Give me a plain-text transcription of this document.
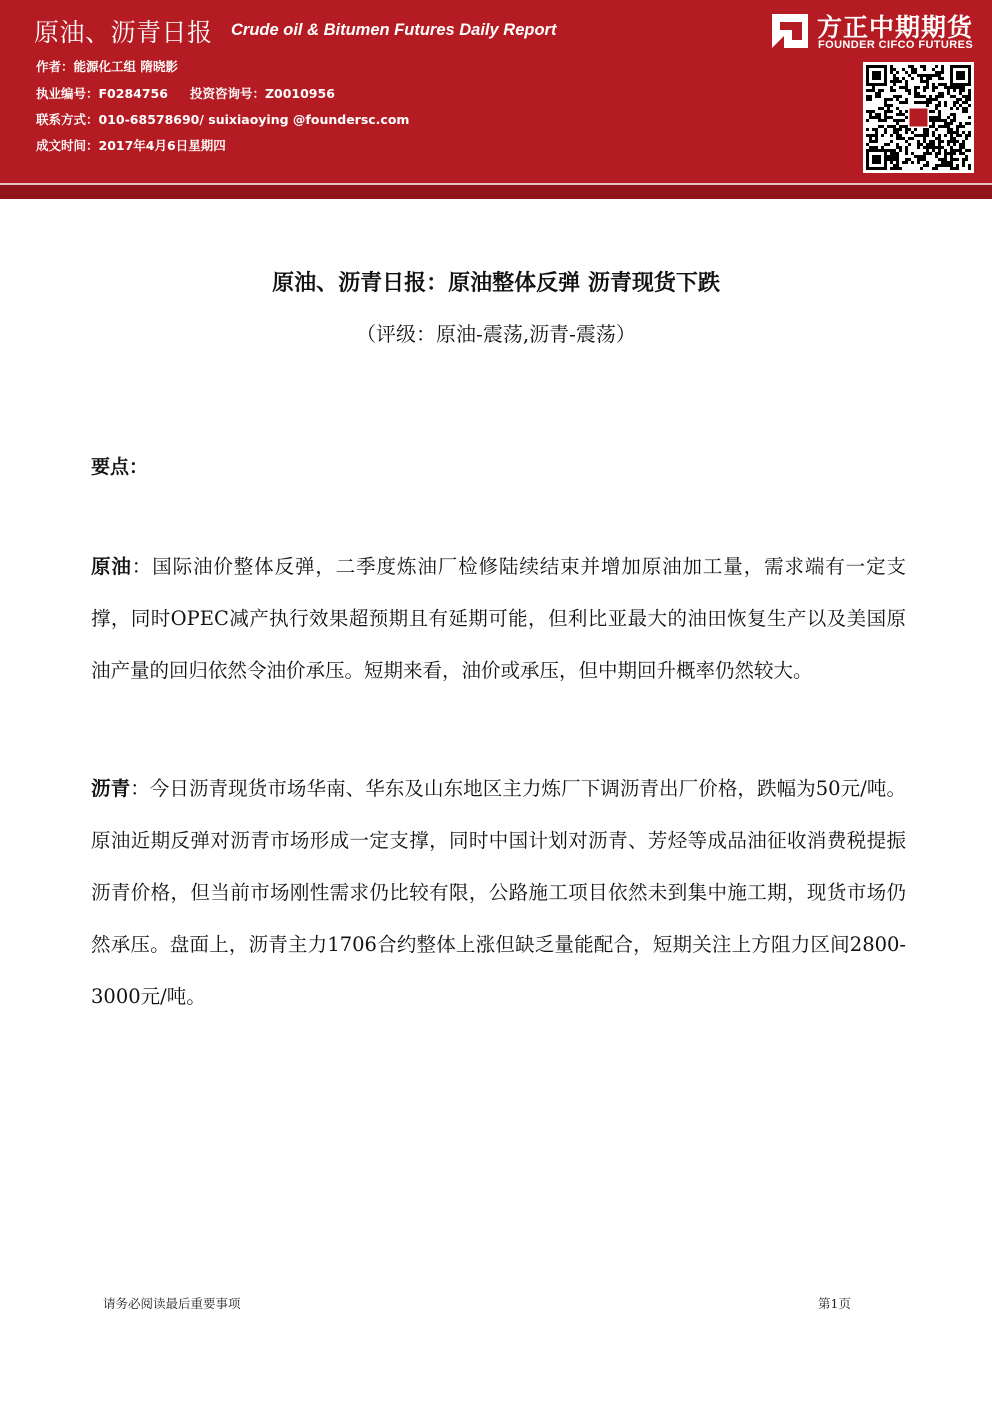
原油、沥青日报 Crude oil & Bitumen Futures Daily Report
作者：能源化工组 隋晓影
执业编号：F0284756 投资咨询号：Z0010956
联系方式：010-68578690/ suixiaoying @foundersc.com
成文时间：2017年4月6日星期四
方正中期期货
FOUNDER CIFCO FUTURES
原油、沥青日报：原油整体反弹 沥青现货下跌
（评级：原油-震荡,沥青-震荡）
要点：
原油：国际油价整体反弹，二季度炼油厂检修陆续结束并增加原油加工量，需求端有一定支撑，同时OPEC减产执行效果超预期且有延期可能，但利比亚最大的油田恢复生产以及美国原油产量的回归依然令油价承压。短期来看，油价或承压，但中期回升概率仍然较大。
沥青：今日沥青现货市场华南、华东及山东地区主力炼厂下调沥青出厂价格，跌幅为50元/吨。原油近期反弹对沥青市场形成一定支撑，同时中国计划对沥青、芳烃等成品油征收消费税提振沥青价格，但当前市场刚性需求仍比较有限，公路施工项目依然未到集中施工期，现货市场仍然承压。盘面上，沥青主力1706合约整体上涨但缺乏量能配合，短期关注上方阻力区间2800-3000元/吨。
请务必阅读最后重要事项	第1页
